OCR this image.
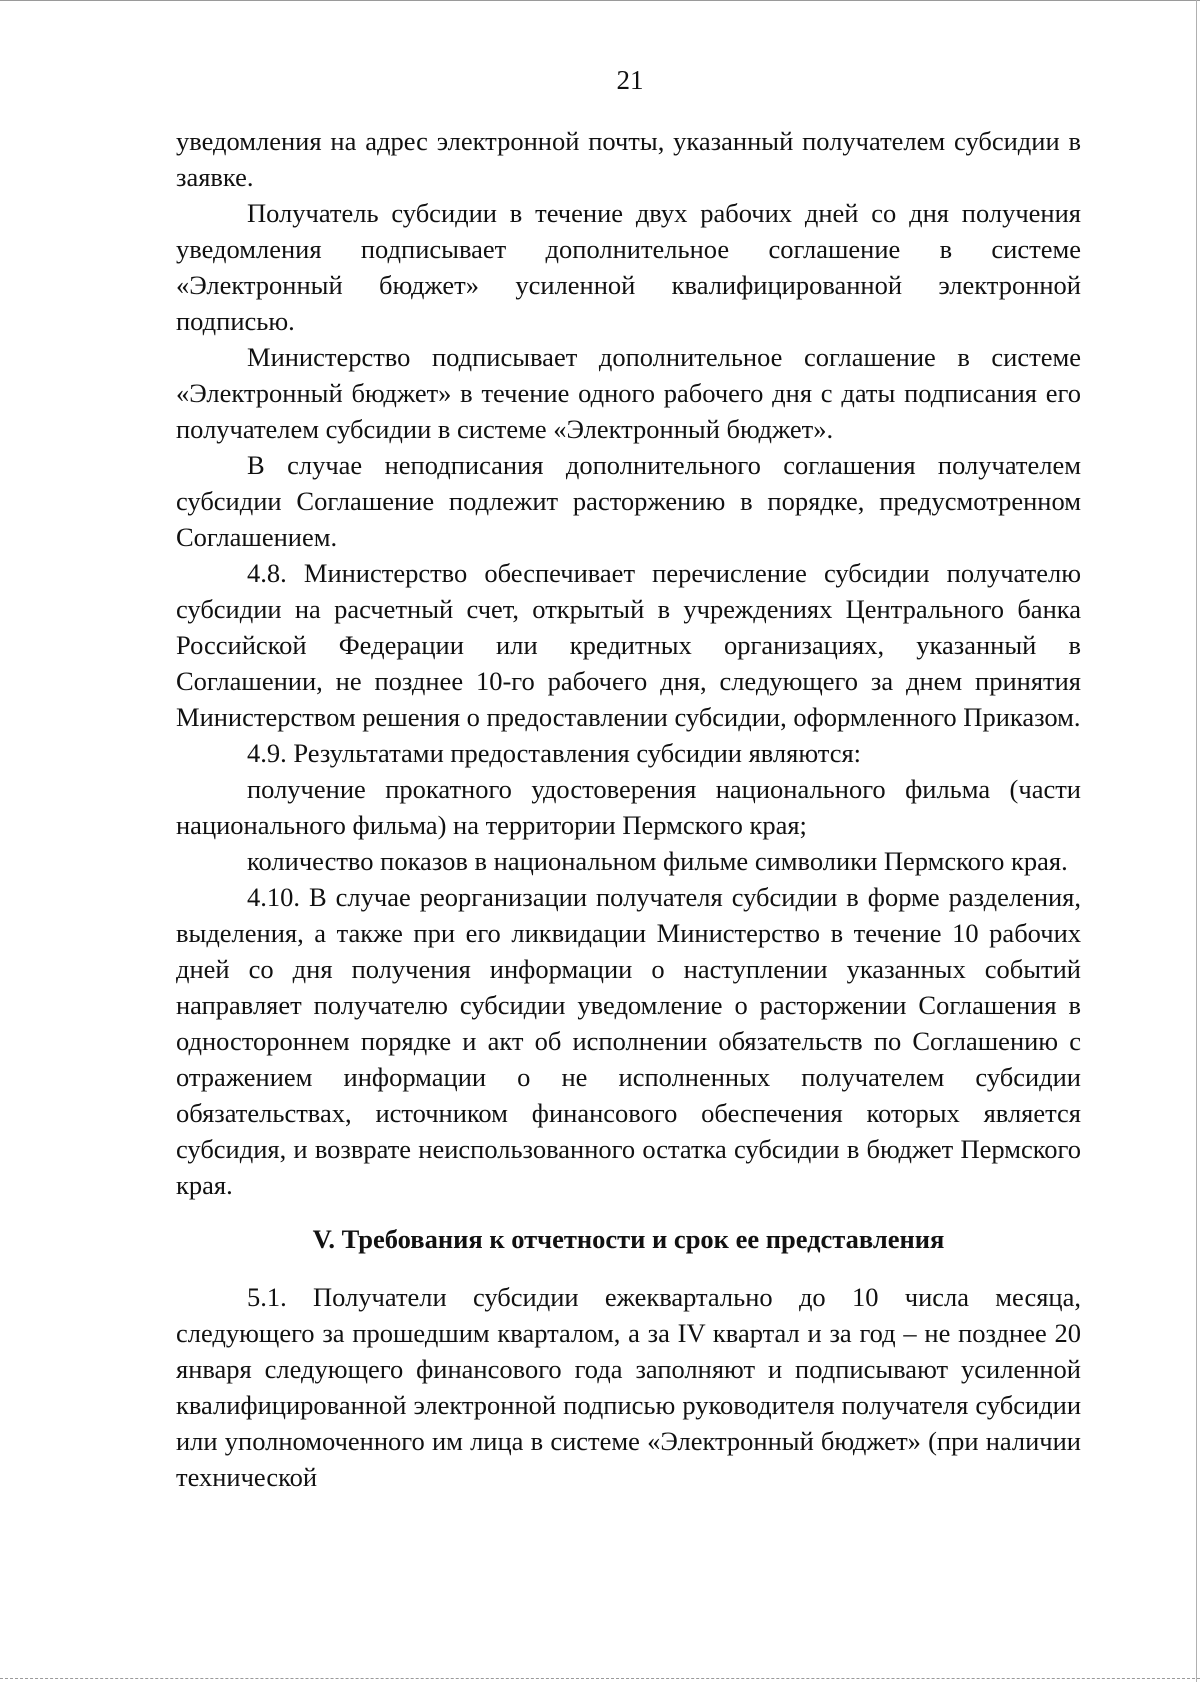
21

уведомления на адрес электронной почты, указанный получателем субсидии в заявке.

Получатель субсидии в течение двух рабочих дней со дня получения уведомления подписывает дополнительное соглашение в системе «Электронный бюджет» усиленной квалифицированной электронной подписью.

Министерство подписывает дополнительное соглашение в системе «Электронный бюджет» в течение одного рабочего дня с даты подписания его получателем субсидии в системе «Электронный бюджет».

В случае неподписания дополнительного соглашения получателем субсидии Соглашение подлежит расторжению в порядке, предусмотренном Соглашением.

4.8. Министерство обеспечивает перечисление субсидии получателю субсидии на расчетный счет, открытый в учреждениях Центрального банка Российской Федерации или кредитных организациях, указанный в Соглашении, не позднее 10-го рабочего дня, следующего за днем принятия Министерством решения о предоставлении субсидии, оформленного Приказом.

4.9. Результатами предоставления субсидии являются:

получение прокатного удостоверения национального фильма (части национального фильма) на территории Пермского края;

количество показов в национальном фильме символики Пермского края.

4.10. В случае реорганизации получателя субсидии в форме разделения, выделения, а также при его ликвидации Министерство в течение 10 рабочих дней со дня получения информации о наступлении указанных событий направляет получателю субсидии уведомление о расторжении Соглашения в одностороннем порядке и акт об исполнении обязательств по Соглашению с отражением информации о не исполненных получателем субсидии обязательствах, источником финансового обеспечения которых является субсидия, и возврате неиспользованного остатка субсидии в бюджет Пермского края.

V. Требования к отчетности и срок ее представления

5.1. Получатели субсидии ежеквартально до 10 числа месяца, следующего за прошедшим кварталом, а за IV квартал и за год – не позднее 20 января следующего финансового года заполняют и подписывают усиленной квалифицированной электронной подписью руководителя получателя субсидии или уполномоченного им лица в системе «Электронный бюджет» (при наличии технической
